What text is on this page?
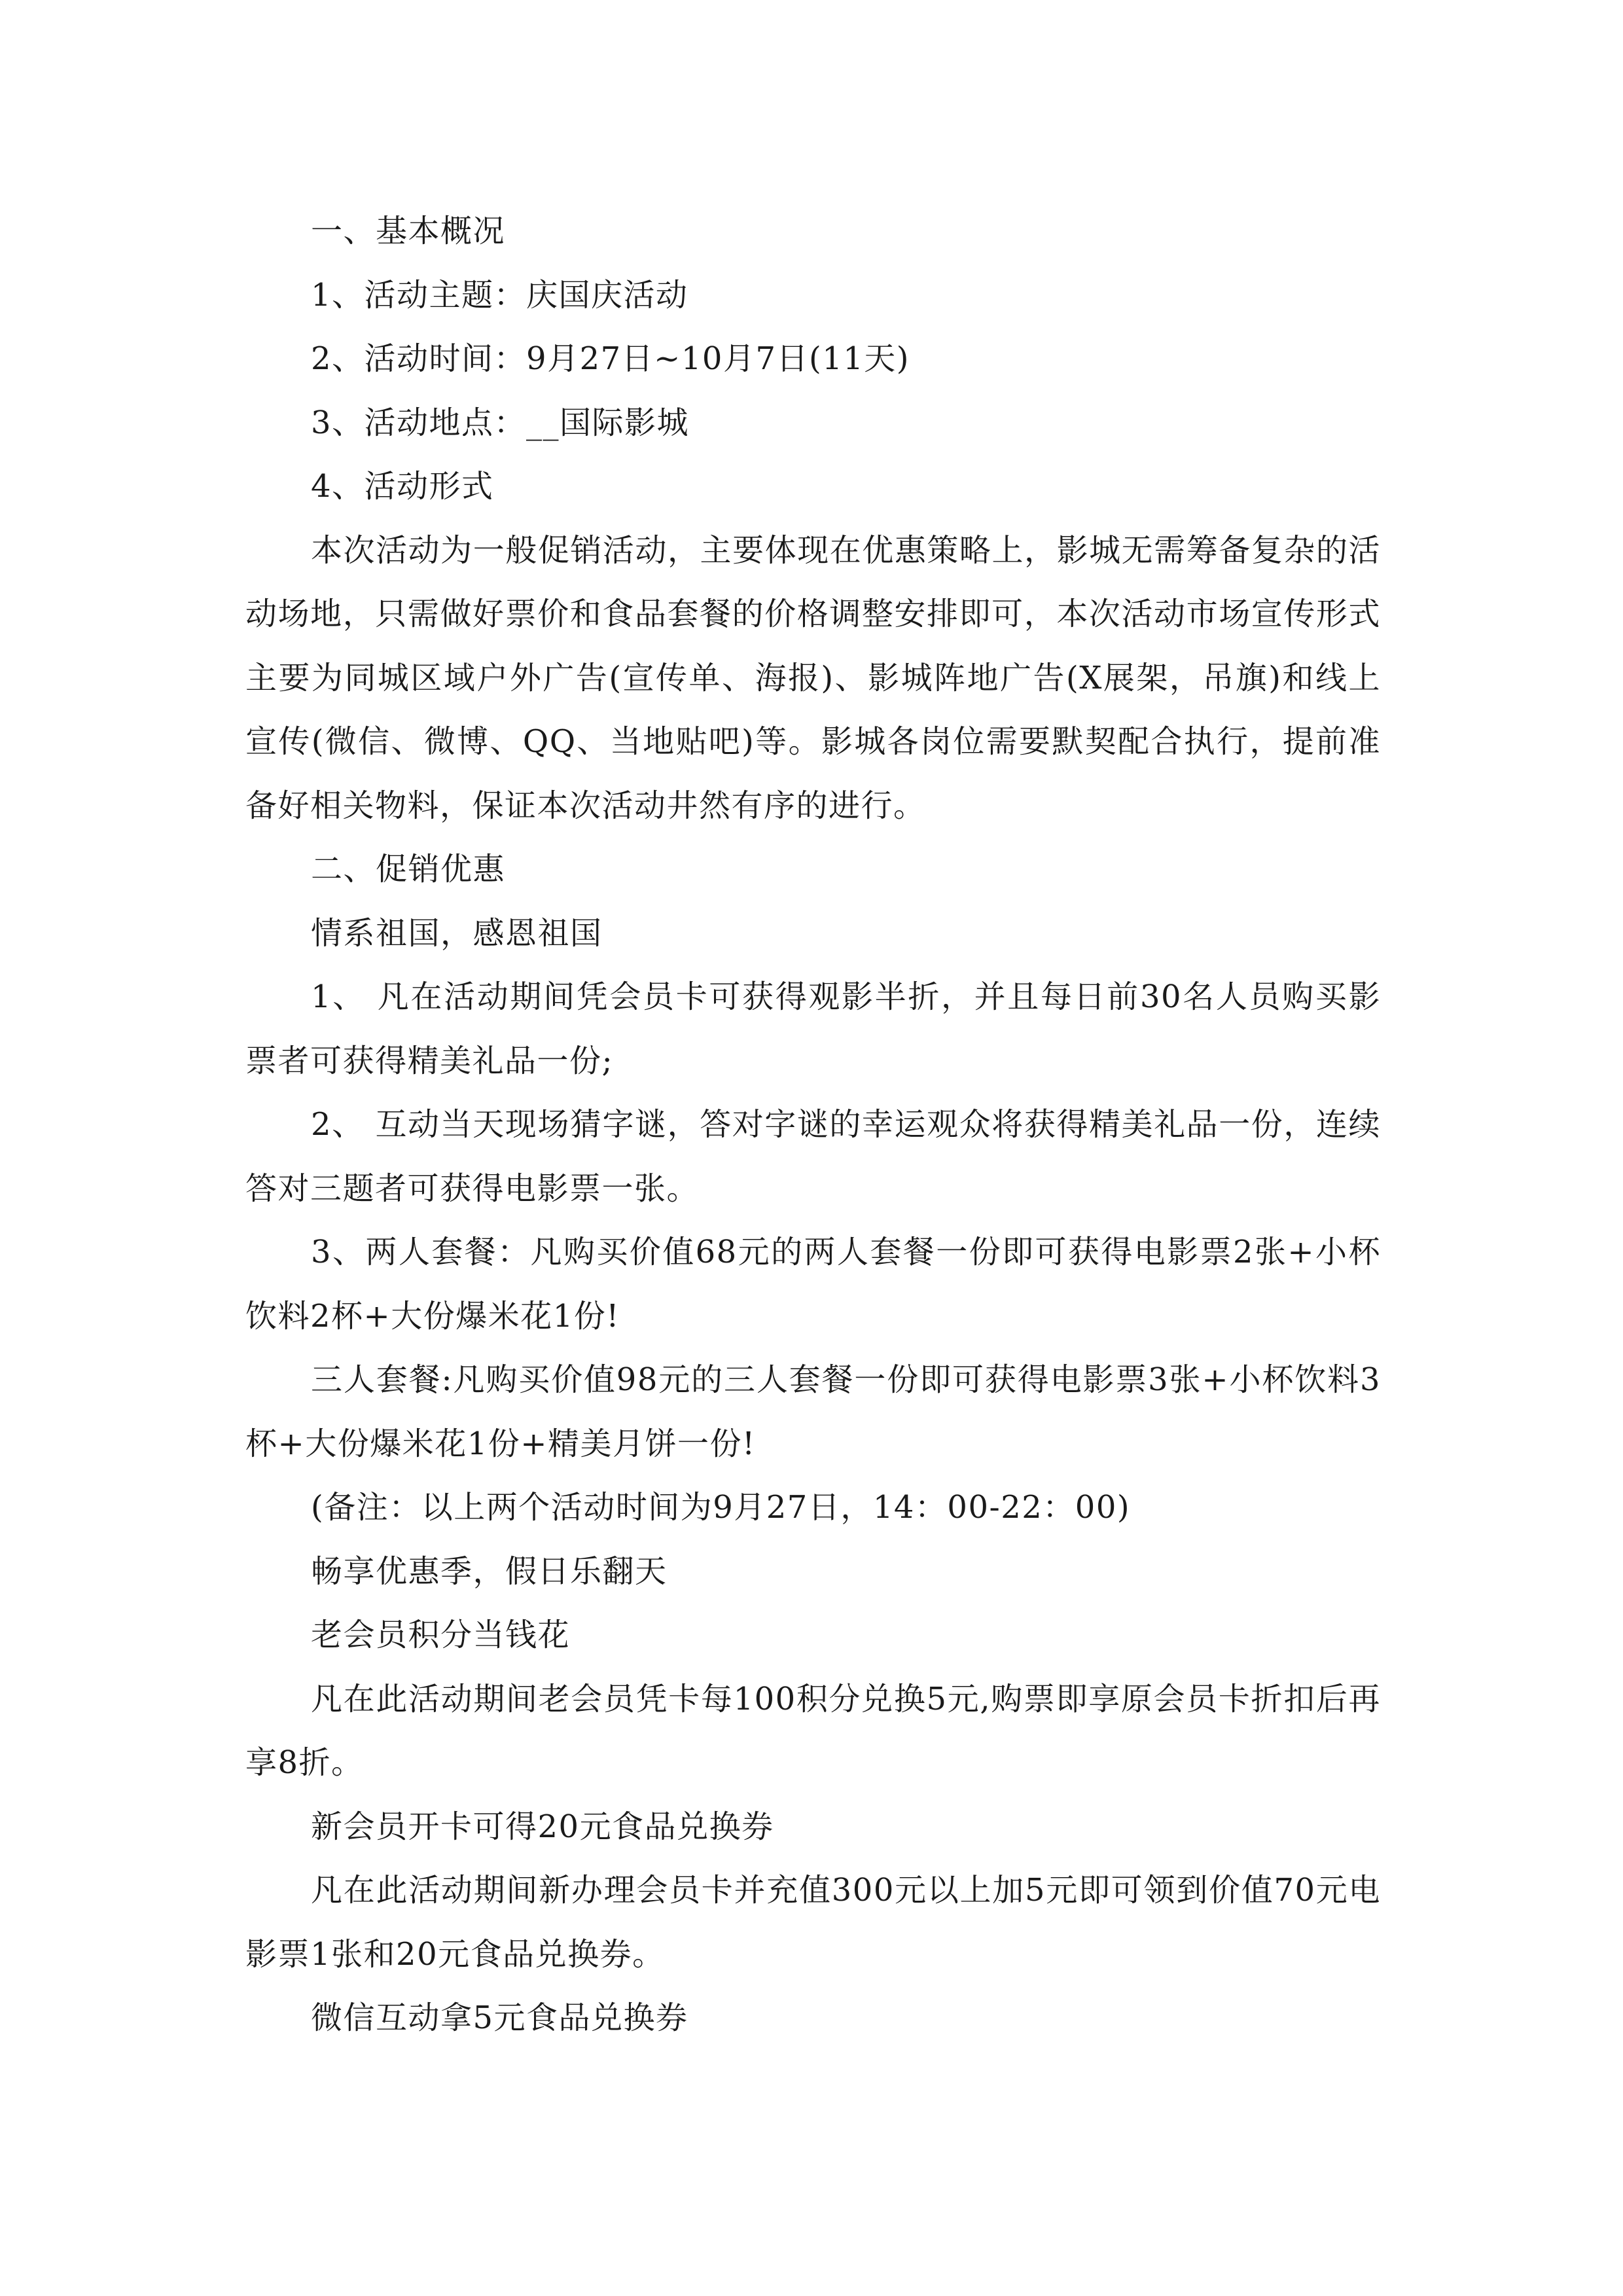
一、基本概况

1、活动主题：庆国庆活动

2、活动时间：9月27日~10月7日(11天)

3、活动地点：__国际影城

4、活动形式

本次活动为一般促销活动，主要体现在优惠策略上，影城无需筹备复杂的活动场地，只需做好票价和食品套餐的价格调整安排即可，本次活动市场宣传形式主要为同城区域户外广告(宣传单、海报)、影城阵地广告(X展架，吊旗)和线上宣传(微信、微博、QQ、当地贴吧)等。影城各岗位需要默契配合执行，提前准备好相关物料，保证本次活动井然有序的进行。

二、促销优惠

情系祖国，感恩祖国

1、 凡在活动期间凭会员卡可获得观影半折，并且每日前30名人员购买影票者可获得精美礼品一份;

2、 互动当天现场猜字谜，答对字谜的幸运观众将获得精美礼品一份，连续答对三题者可获得电影票一张。

3、两人套餐：凡购买价值68元的两人套餐一份即可获得电影票2张+小杯饮料2杯+大份爆米花1份!

三人套餐:凡购买价值98元的三人套餐一份即可获得电影票3张+小杯饮料3杯+大份爆米花1份+精美月饼一份!

(备注：以上两个活动时间为9月27日，14：00-22：00)

畅享优惠季，假日乐翻天

老会员积分当钱花

凡在此活动期间老会员凭卡每100积分兑换5元,购票即享原会员卡折扣后再享8折。

新会员开卡可得20元食品兑换券

凡在此活动期间新办理会员卡并充值300元以上加5元即可领到价值70元电影票1张和20元食品兑换券。

微信互动拿5元食品兑换券
